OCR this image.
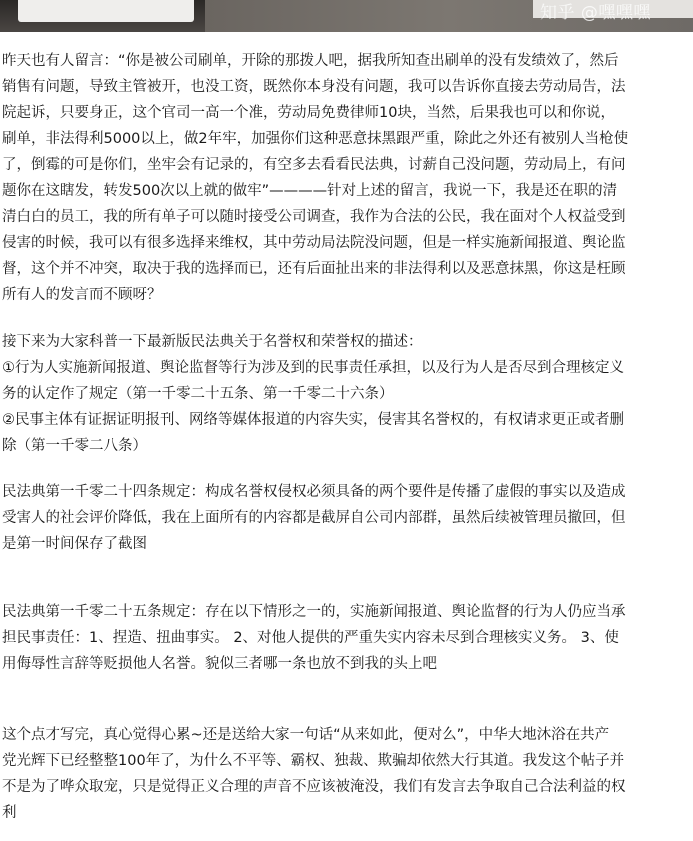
知乎 @嘿嘿嘿

昨天也有人留言：“你是被公司刷单，开除的那拨人吧，据我所知查出刷单的没有发绩效了，然后
销售有问题，导致主管被开，也没工资，既然你本身没有问题，我可以告诉你直接去劳动局告，法
院起诉，只要身正，这个官司一高一个准，劳动局免费律师10块，当然，后果我也可以和你说，
刷单，非法得利5000以上，做2年牢，加强你们这种恶意抹黑跟严重，除此之外还有被别人当枪使
了，倒霉的可是你们，坐牢会有记录的，有空多去看看民法典，讨薪自己没问题，劳动局上，有问
题你在这瞎发，转发500次以上就的做牢”————针对上述的留言，我说一下，我是还在职的清
清白白的员工，我的所有单子可以随时接受公司调查，我作为合法的公民，我在面对个人权益受到
侵害的时候，我可以有很多选择来维权，其中劳动局法院没问题，但是一样实施新闻报道、舆论监
督，这个并不冲突，取决于我的选择而已，还有后面扯出来的非法得利以及恶意抹黑，你这是枉顾
所有人的发言而不顾呀？

接下来为大家科普一下最新版民法典关于名誉权和荣誉权的描述：
①行为人实施新闻报道、舆论监督等行为涉及到的民事责任承担，以及行为人是否尽到合理核定义
务的认定作了规定（第一千零二十五条、第一千零二十六条）
②民事主体有证据证明报刊、网络等媒体报道的内容失实，侵害其名誉权的，有权请求更正或者删
除（第一千零二八条）

民法典第一千零二十四条规定：构成名誉权侵权必须具备的两个要件是传播了虚假的事实以及造成
受害人的社会评价降低，我在上面所有的内容都是截屏自公司内部群，虽然后续被管理员撤回，但
是第一时间保存了截图

民法典第一千零二十五条规定：存在以下情形之一的，实施新闻报道、舆论监督的行为人仍应当承
担民事责任：1、捏造、扭曲事实。 2、对他人提供的严重失实内容未尽到合理核实义务。 3、使
用侮辱性言辞等贬损他人名誉。貌似三者哪一条也放不到我的头上吧

这个点才写完，真心觉得心累~还是送给大家一句话“从来如此，便对么”，中华大地沐浴在共产
党光辉下已经整整100年了，为什么不平等、霸权、独裁、欺骗却依然大行其道。我发这个帖子并
不是为了哗众取宠，只是觉得正义合理的声音不应该被淹没，我们有发言去争取自己合法利益的权
利
